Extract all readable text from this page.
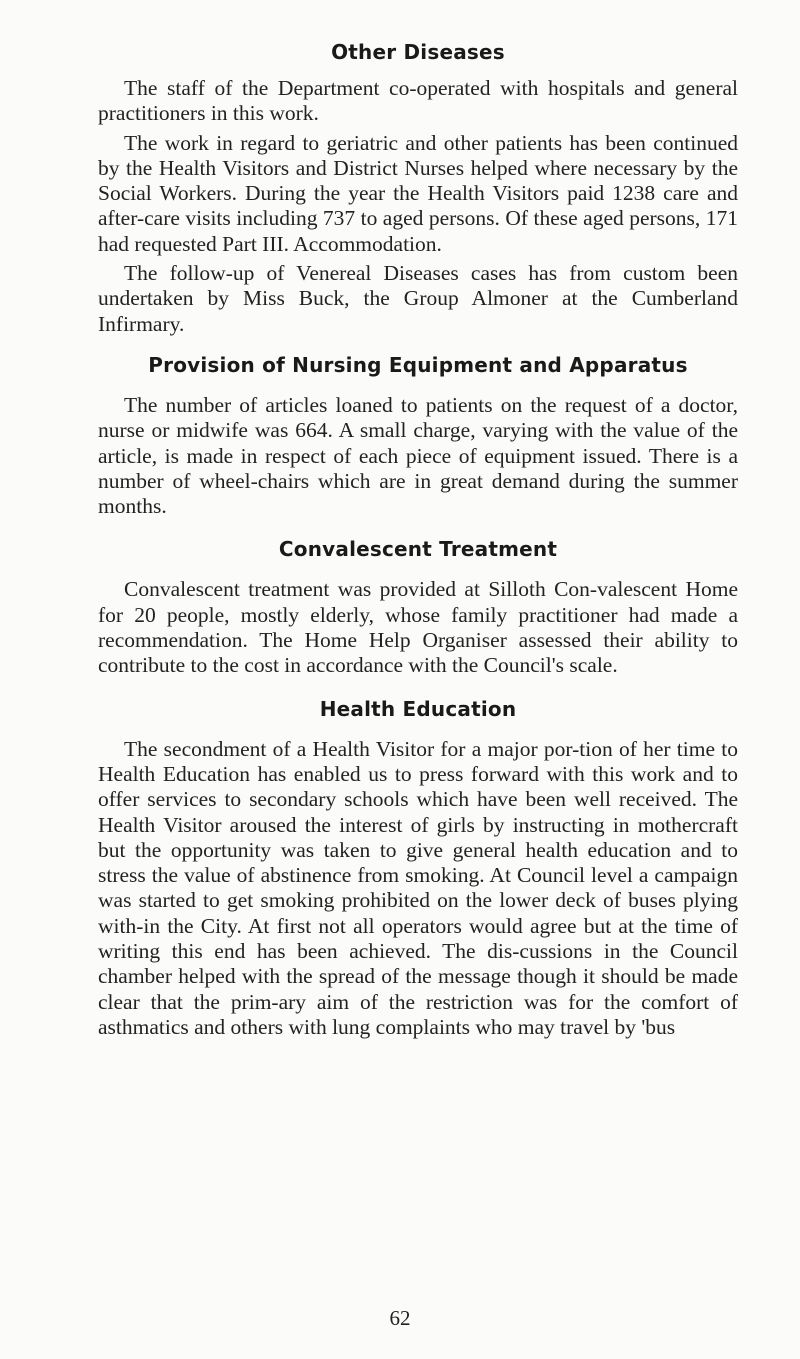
Other Diseases

The staff of the Department co-operated with hospitals and general practitioners in this work.

The work in regard to geriatric and other patients has been continued by the Health Visitors and District Nurses helped where necessary by the Social Workers. During the year the Health Visitors paid 1238 care and after-care visits including 737 to aged persons. Of these aged persons, 171 had requested Part III. Accommodation.

The follow-up of Venereal Diseases cases has from custom been undertaken by Miss Buck, the Group Almoner at the Cumberland Infirmary.

Provision of Nursing Equipment and Apparatus

The number of articles loaned to patients on the request of a doctor, nurse or midwife was 664. A small charge, varying with the value of the article, is made in respect of each piece of equipment issued. There is a number of wheel-chairs which are in great demand during the summer months.

Convalescent Treatment

Convalescent treatment was provided at Silloth Con-valescent Home for 20 people, mostly elderly, whose family practitioner had made a recommendation. The Home Help Organiser assessed their ability to contribute to the cost in accordance with the Council's scale.

Health Education

The secondment of a Health Visitor for a major por-tion of her time to Health Education has enabled us to press forward with this work and to offer services to secondary schools which have been well received. The Health Visitor aroused the interest of girls by instructing in mothercraft but the opportunity was taken to give general health education and to stress the value of abstinence from smoking. At Council level a campaign was started to get smoking prohibited on the lower deck of buses plying with-in the City. At first not all operators would agree but at the time of writing this end has been achieved. The dis-cussions in the Council chamber helped with the spread of the message though it should be made clear that the prim-ary aim of the restriction was for the comfort of asthmatics and others with lung complaints who may travel by 'bus

62
